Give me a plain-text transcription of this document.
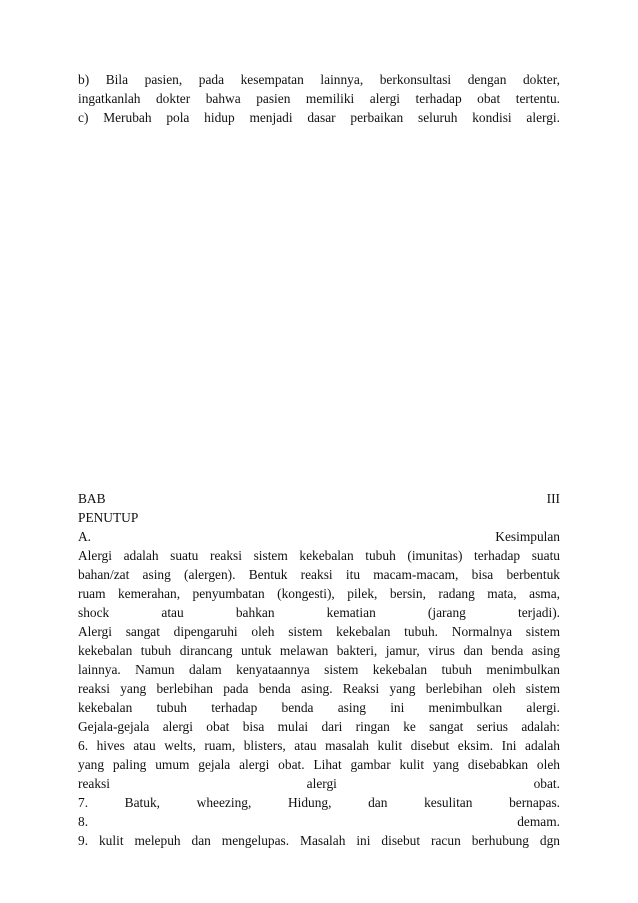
b) Bila pasien, pada kesempatan lainnya, berkonsultasi dengan dokter,
ingatkanlah dokter bahwa pasien memiliki alergi terhadap obat tertentu.
c) Merubah pola hidup menjadi dasar perbaikan seluruh kondisi alergi.
BAB III
PENUTUP
A. Kesimpulan
Alergi adalah suatu reaksi sistem kekebalan tubuh (imunitas) terhadap suatu
bahan/zat asing (alergen). Bentuk reaksi itu macam-macam, bisa berbentuk
ruam kemerahan, penyumbatan (kongesti), pilek, bersin, radang mata, asma,
shock atau bahkan kematian (jarang terjadi).
Alergi sangat dipengaruhi oleh sistem kekebalan tubuh. Normalnya sistem
kekebalan tubuh dirancang untuk melawan bakteri, jamur, virus dan benda asing
lainnya. Namun dalam kenyataannya sistem kekebalan tubuh menimbulkan
reaksi yang berlebihan pada benda asing. Reaksi yang berlebihan oleh sistem
kekebalan tubuh terhadap benda asing ini menimbulkan alergi.
Gejala-gejala alergi obat bisa mulai dari ringan ke sangat serius adalah:
6. hives atau welts, ruam, blisters, atau masalah kulit disebut eksim. Ini adalah
yang paling umum gejala alergi obat. Lihat gambar kulit yang disebabkan oleh
reaksi alergi obat.
7. Batuk, wheezing, Hidung, dan kesulitan bernapas.
8. demam.
9. kulit melepuh dan mengelupas. Masalah ini disebut racun berhubung dgn
